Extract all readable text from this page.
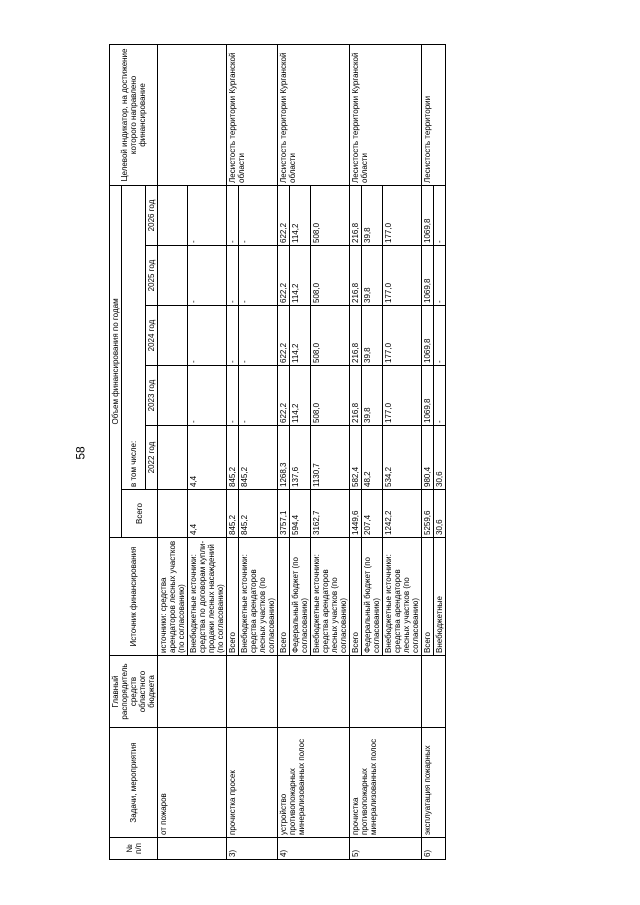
58
№ п/п	Задачи, мероприятия	Главный распорядитель средств областного бюджета	Источник финансирования	Объем финансирования по годам						Целевой индикатор, на достижение которого направлено финансирование
				Всего	в том числе:					
					2022 год	2023 год	2024 год	2025 год	2026 год	
	от пожаров		источники: средства арендаторов лесных участков (по согласованию)							
			Внебюджетные источники: средства по договорам купли-продажи лесных насаждений (по согласованию)	4,4	4,4	-	-	-	-	
3)	прочистка просек		Всего	845,2	845,2	-	-	-	-	Лесистость территории Курганской области
			Внебюджетные источники: средства арендаторов лесных участков (по согласованию)	845,2	845,2	-	-	-	-	
4)	устройство противопожарных минерализованных полос		Всего	3757,1	1268,3	622,2	622,2	622,2	622,2	Лесистость территории Курганской области
			Федеральный бюджет (по согласованию)	594,4	137,6	114,2	114,2	114,2	114,2	
			Внебюджетные источники: средства арендаторов лесных участков (по согласованию)	3162,7	1130,7	508,0	508,0	508,0	508,0	
5)	прочистка противопожарных минерализованных полос		Всего	1449,6	582,4	216,8	216,8	216,8	216,8	Лесистость территории Курганской области
			Федеральный бюджет (по согласованию)	207,4	48,2	39,8	39,8	39,8	39,8	
			Внебюджетные источники: средства арендаторов лесных участков (по согласованию)	1242,2	534,2	177,0	177,0	177,0	177,0	
6)	эксплуатация пожарных		Всего	5259,6	980,4	1069,8	1069,8	1069,8	1069,8	Лесистость территории
			Внебюджетные	30,6	30,6	-	-	-	-	
